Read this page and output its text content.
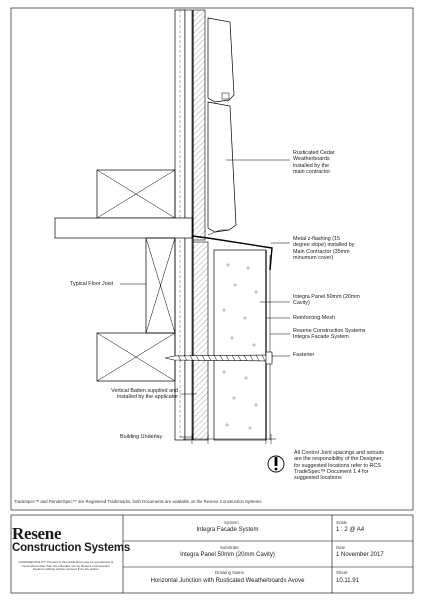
Rusticated Cedar
Weatherboards
installed by the
main contractor
Metal z-flashing (15
degree slope) installed by
Main Contractor (35mm
minumum cover)
Typical Floor Joist
Integra Panel 50mm (20mm
Cavity)
Reinforcing Mesh
Resene Construction Systems
Integra Facade System
Fastener
Vertical Batten supplied and
installed by the applicator
Building Underlay
All Control Joint spacings and setouts
are the responsibility of the Designer,
for suggested locations refer to RCS
TradeSpec™ Document 1.4 for
suggested locations
TradeSpec™ and RenderSpec™ are Registered Trademarks, both Documents are available on the Resene Construction Systems
Resene
Construction Systems
CONFIDENTIALITY: No part of this publication may be reproduced or transmitted other than the intended use by Resene Construction Systems without written consent from the author.
System
Integra Facade System
Scale
1 : 2 @ A4
Substrate
Integra Panel 50mm (20mm Cavity)
Date
1 November 2017
Drawing Name
Horizontal Junction with Rusticated Weatherboards Avove
Sheet
10.11.91
